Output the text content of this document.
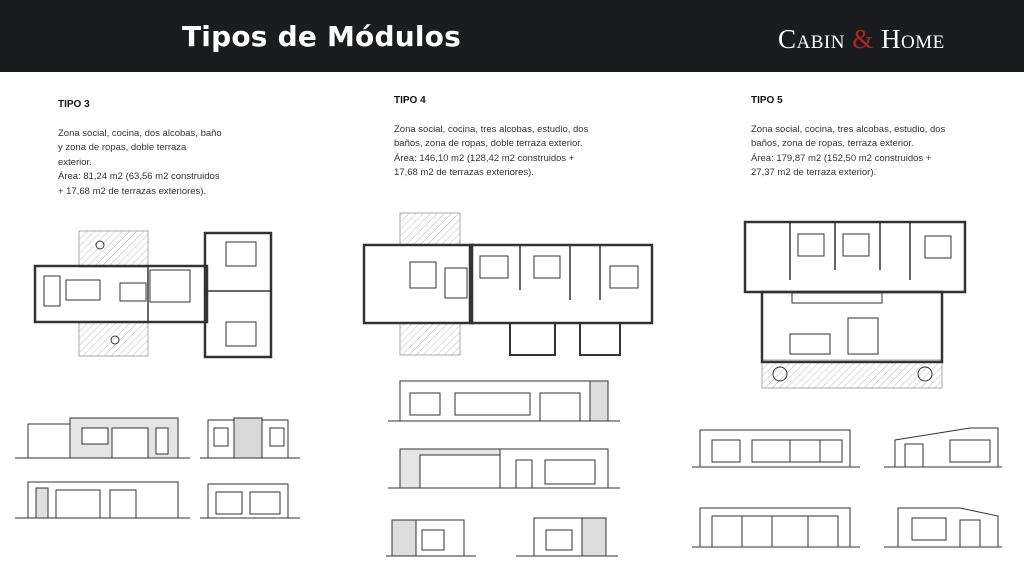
Tipos de Módulos	Cabin & Home
TIPO 3

Zona social, cocina, dos alcobas, baño
y zona de ropas, doble terraza
exterior.
Área: 81,24 m2 (63,56 m2 construidos
+ 17,68 m2 de terrazas exteriores).

TIPO 4

Zona social, cocina, tres alcobas, estudio, dos
baños, zona de ropas, doble terraza exterior.
Área: 146,10 m2 (128,42 m2 construidos +
17,68 m2 de terrazas exteriores).

TIPO 5

Zona social, cocina, tres alcobas, estudio, dos
baños, zona de ropas, terraza exterior.
Área: 179,87 m2 (152,50 m2 construidos +
27,37 m2 de terraza exterior).
